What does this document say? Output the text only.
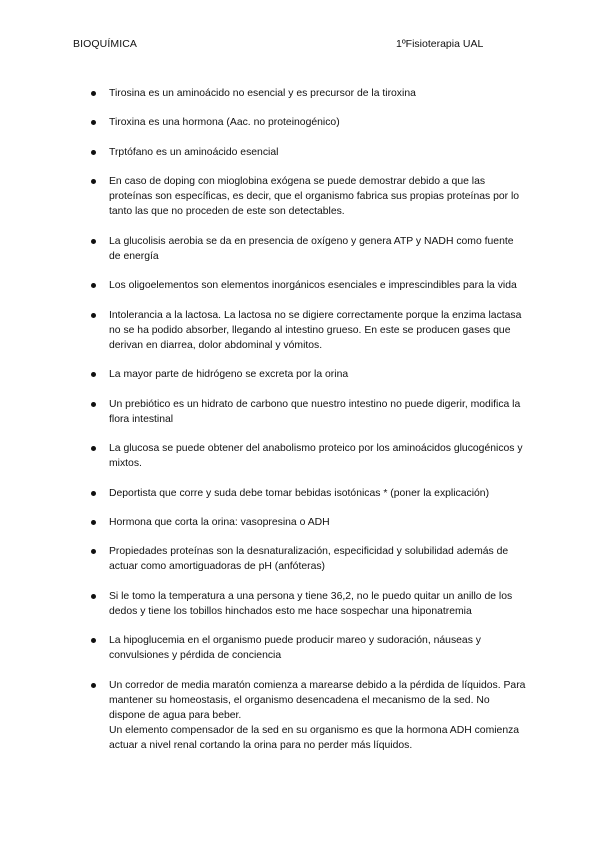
BIOQUÍMICA	1ºFisioterapia UAL

Tirosina es un aminoácido no esencial y es precursor de la tiroxina

Tiroxina es una hormona (Aac. no proteinogénico)

Trptófano es un aminoácido esencial

En caso de doping con mioglobina exógena se puede demostrar debido a que las proteínas son específicas, es decir, que el organismo fabrica sus propias proteínas por lo tanto las que no proceden de este son detectables.

La glucolisis aerobia se da en presencia de oxígeno y genera ATP y NADH como fuente de energía

Los oligoelementos son elementos inorgánicos esenciales e imprescindibles para la vida

Intolerancia a la lactosa. La lactosa no se digiere correctamente porque la enzima lactasa no se ha podido absorber, llegando al intestino grueso. En este se producen gases que derivan en diarrea, dolor abdominal y vómitos.

La mayor parte de hidrógeno se excreta por la orina

Un prebiótico es un hidrato de carbono que nuestro intestino no puede digerir, modifica la flora intestinal

La glucosa se puede obtener del anabolismo proteico por los aminoácidos glucogénicos y mixtos.

Deportista que corre y suda debe tomar bebidas isotónicas * (poner la explicación)

Hormona que corta la orina: vasopresina o ADH

Propiedades proteínas son la desnaturalización, especificidad y solubilidad además de actuar como amortiguadoras de pH (anfóteras)

Si le tomo la temperatura a una persona y tiene 36,2, no le puedo quitar un anillo de los dedos y tiene los tobillos hinchados esto me hace sospechar una hiponatremia

La hipoglucemia en el organismo puede producir mareo y sudoración, náuseas y convulsiones y pérdida de conciencia

Un corredor de media maratón comienza a marearse debido a la pérdida de líquidos. Para mantener su homeostasis, el organismo desencadena el mecanismo de la sed. No dispone de agua para beber.

Un elemento compensador de la sed en su organismo es que la hormona ADH comienza actuar a nivel renal cortando la orina para no perder más líquidos.
